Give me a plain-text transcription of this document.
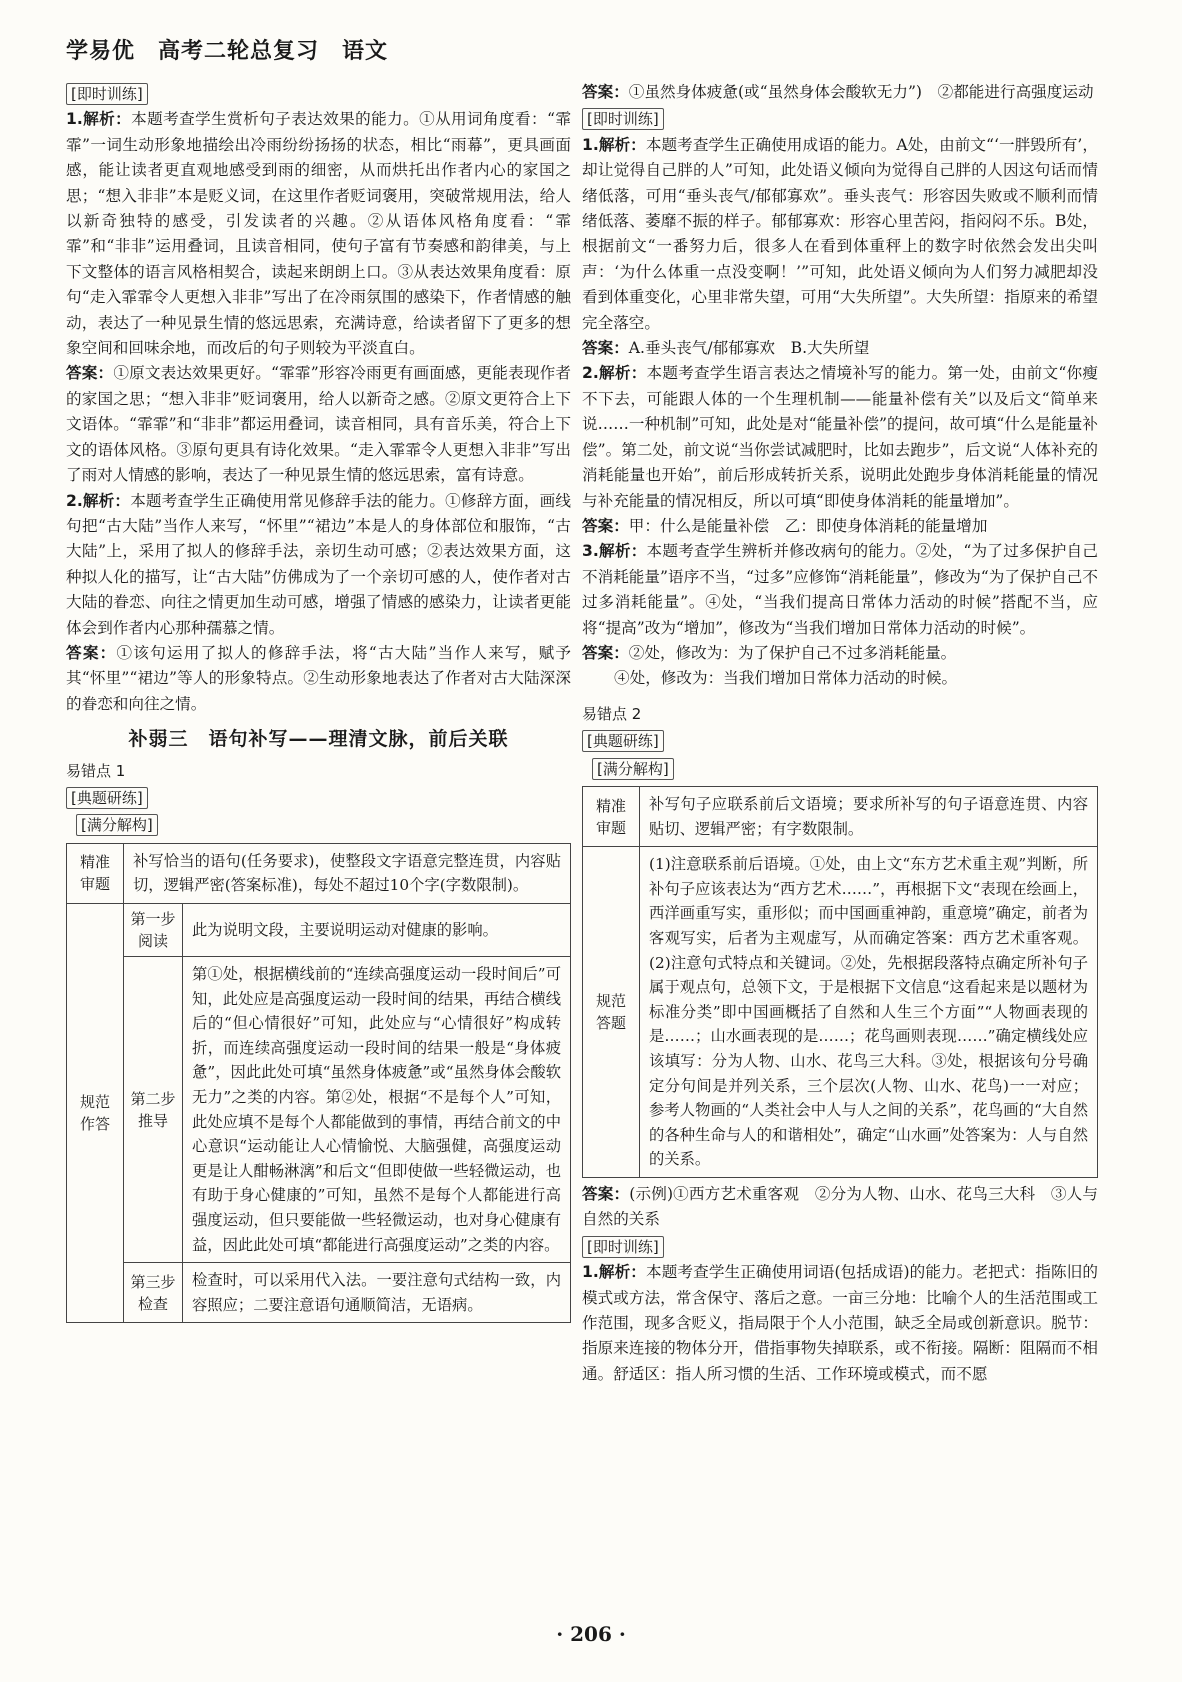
学易优　高考二轮总复习　语文
[即时训练]

1.解析：本题考查学生赏析句子表达效果的能力。①从用词角度看：“霏霏”一词生动形象地描绘出冷雨纷纷扬扬的状态，相比“雨幕”，更具画面感，能让读者更直观地感受到雨的细密，从而烘托出作者内心的家国之思；“想入非非”本是贬义词，在这里作者贬词褒用，突破常规用法，给人以新奇独特的感受，引发读者的兴趣。②从语体风格角度看：“霏霏”和“非非”运用叠词，且读音相同，使句子富有节奏感和韵律美，与上下文整体的语言风格相契合，读起来朗朗上口。③从表达效果角度看：原句“走入霏霏令人更想入非非”写出了在冷雨氛围的感染下，作者情感的触动，表达了一种见景生情的悠远思索，充满诗意，给读者留下了更多的想象空间和回味余地，而改后的句子则较为平淡直白。

答案：①原文表达效果更好。“霏霏”形容冷雨更有画面感，更能表现作者的家国之思；“想入非非”贬词褒用，给人以新奇之感。②原文更符合上下文语体。“霏霏”和“非非”都运用叠词，读音相同，具有音乐美，符合上下文的语体风格。③原句更具有诗化效果。“走入霏霏令人更想入非非”写出了雨对人情感的影响，表达了一种见景生情的悠远思索，富有诗意。

2.解析：本题考查学生正确使用常见修辞手法的能力。①修辞方面，画线句把“古大陆”当作人来写，“怀里”“裙边”本是人的身体部位和服饰，“古大陆”上，采用了拟人的修辞手法，亲切生动可感；②表达效果方面，这种拟人化的描写，让“古大陆”仿佛成为了一个亲切可感的人，使作者对古大陆的眷恋、向往之情更加生动可感，增强了情感的感染力，让读者更能体会到作者内心那种孺慕之情。

答案：①该句运用了拟人的修辞手法，将“古大陆”当作人来写，赋予其“怀里”“裙边”等人的形象特点。②生动形象地表达了作者对古大陆深深的眷恋和向往之情。

补弱三　语句补写——理清文脉，前后关联

易错点 1

[典题研练]
[满分解构]
精准审题	补写恰当的语句(任务要求)，使整段文字语意完整连贯，内容贴切，逻辑严密(答案标准)，每处不超过10个字(字数限制)。	
规范作答	第一步阅读	此为说明文段，主要说明运动对健康的影响。
	第二步推导	第①处，根据横线前的“连续高强度运动一段时间后”可知，此处应是高强度运动一段时间的结果，再结合横线后的“但心情很好”可知，此处应与“心情很好”构成转折，而连续高强度运动一段时间的结果一般是“身体疲惫”，因此此处可填“虽然身体疲惫”或“虽然身体会酸软无力”之类的内容。第②处，根据“不是每个人”可知，此处应填不是每个人都能做到的事情，再结合前文的中心意识“运动能让人心情愉悦、大脑强健，高强度运动更是让人酣畅淋漓”和后文“但即使做一些轻微运动，也有助于身心健康的”可知，虽然不是每个人都能进行高强度运动，但只要能做一些轻微运动，也对身心健康有益，因此此处可填“都能进行高强度运动”之类的内容。
	第三步检查	检查时，可以采用代入法。一要注意句式结构一致，内容照应；二要注意语句通顺简洁，无语病。

答案：①虽然身体疲惫(或“虽然身体会酸软无力”)　②都能进行高强度运动

[即时训练]

1.解析：本题考查学生正确使用成语的能力。A处，由前文“‘一胖毁所有’，却让觉得自己胖的人”可知，此处语义倾向为觉得自己胖的人因这句话而情绪低落，可用“垂头丧气/郁郁寡欢”。垂头丧气：形容因失败或不顺利而情绪低落、萎靡不振的样子。郁郁寡欢：形容心里苦闷，指闷闷不乐。B处，根据前文“一番努力后，很多人在看到体重秤上的数字时依然会发出尖叫声：‘为什么体重一点没变啊！’”可知，此处语义倾向为人们努力减肥却没看到体重变化，心里非常失望，可用“大失所望”。大失所望：指原来的希望完全落空。

答案：A.垂头丧气/郁郁寡欢　B.大失所望

2.解析：本题考查学生语言表达之情境补写的能力。第一处，由前文“你瘦不下去，可能跟人体的一个生理机制——能量补偿有关”以及后文“简单来说……一种机制”可知，此处是对“能量补偿”的提问，故可填“什么是能量补偿”。第二处，前文说“当你尝试减肥时，比如去跑步”，后文说“人体补充的消耗能量也开始”，前后形成转折关系，说明此处跑步身体消耗能量的情况与补充能量的情况相反，所以可填“即使身体消耗的能量增加”。

答案：甲：什么是能量补偿　乙：即使身体消耗的能量增加

3.解析：本题考查学生辨析并修改病句的能力。②处，“为了过多保护自己不消耗能量”语序不当，“过多”应修饰“消耗能量”，修改为“为了保护自己不过多消耗能量”。④处，“当我们提高日常体力活动的时候”搭配不当，应将“提高”改为“增加”，修改为“当我们增加日常体力活动的时候”。

答案：②处，修改为：为了保护自己不过多消耗能量。

④处，修改为：当我们增加日常体力活动的时候。

易错点 2

[典题研练]
[满分解构]
精准审题	补写句子应联系前后文语境；要求所补写的句子语意连贯、内容贴切、逻辑严密；有字数限制。
规范答题	(1)注意联系前后语境。①处，由上文“东方艺术重主观”判断，所补句子应该表达为“西方艺术……”，再根据下文“表现在绘画上，西洋画重写实，重形似；而中国画重神韵，重意境”确定，前者为客观写实，后者为主观虚写，从而确定答案：西方艺术重客观。(2)注意句式特点和关键词。②处，先根据段落特点确定所补句子属于观点句，总领下文，于是根据下文信息“这看起来是以题材为标准分类”即中国画概括了自然和人生三个方面”“人物画表现的是……；山水画表现的是……；花鸟画则表现……”确定横线处应该填写：分为人物、山水、花鸟三大科。③处，根据该句分号确定分句间是并列关系，三个层次(人物、山水、花鸟)一一对应；参考人物画的“人类社会中人与人之间的关系”，花鸟画的“大自然的各种生命与人的和谐相处”，确定“山水画”处答案为：人与自然的关系。

答案：(示例)①西方艺术重客观　②分为人物、山水、花鸟三大科　③人与自然的关系

[即时训练]

1.解析：本题考查学生正确使用词语(包括成语)的能力。老把式：指陈旧的模式或方法，常含保守、落后之意。一亩三分地：比喻个人的生活范围或工作范围，现多含贬义，指局限于个人小范围，缺乏全局或创新意识。脱节：指原来连接的物体分开，借指事物失掉联系，或不衔接。隔断：阻隔而不相通。舒适区：指人所习惯的生活、工作环境或模式，而不愿

· 206 ·
